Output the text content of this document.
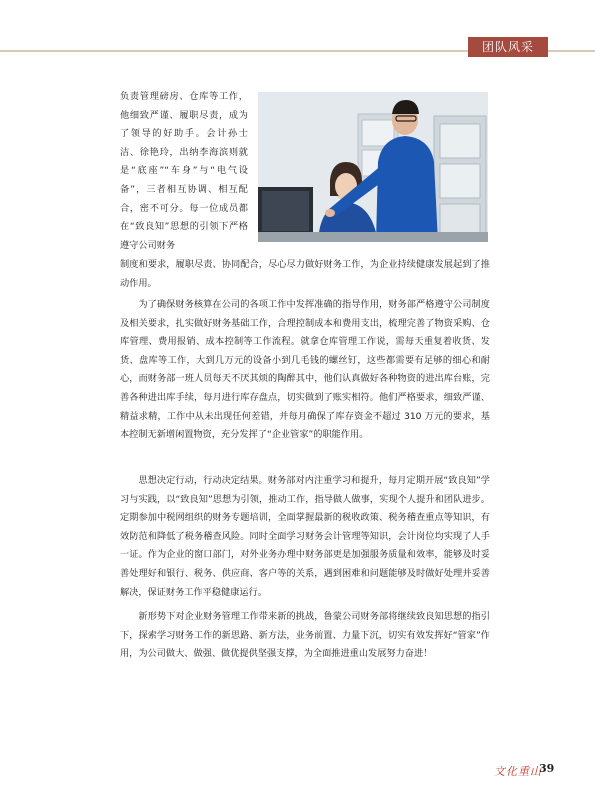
团队风采

负责管理磅房、仓库等工作，他细致严谨、履职尽责，成为了领导的好助手。会计孙士洁、徐艳玲，出纳李海滨则就是“底座”“车身”与“电气设备”，三者相互协调、相互配合，密不可分。每一位成员都在“致良知”思想的引领下严格遵守公司财务

制度和要求，履职尽责、协同配合，尽心尽力做好财务工作，为企业持续健康发展起到了推动作用。

为了确保财务核算在公司的各项工作中发挥准确的指导作用，财务部严格遵守公司制度及相关要求，扎实做好财务基础工作，合理控制成本和费用支出，梳理完善了物资采购、仓库管理、费用报销、成本控制等工作流程。就拿仓库管理工作说，需每天重复着收货、发货、盘库等工作，大到几万元的设备小到几毛钱的螺丝钉，这些都需要有足够的细心和耐心，而财务部一班人员每天不厌其烦的陶醉其中，他们认真做好各种物资的进出库台账，完善各种进出库手续，每月进行库存盘点，切实做到了账实相符。他们严格要求，细致严谨、精益求精，工作中从未出现任何差错，并每月确保了库存资金不超过 310 万元的要求，基本控制无新增闲置物资，充分发挥了“企业管家”的职能作用。

思想决定行动，行动决定结果。财务部对内注重学习和提升，每月定期开展“致良知”学习与实践，以“致良知”思想为引领，推动工作，指导做人做事，实现个人提升和团队进步。定期参加中税网组织的财务专题培训，全面掌握最新的税收政策、税务稽查重点等知识，有效防范和降低了税务稽查风险。同时全面学习财务会计管理等知识，会计岗位均实现了人手一证。作为企业的窗口部门，对外业务办理中财务部更是加强服务质量和效率，能够及时妥善处理好和银行、税务、供应商、客户等的关系，遇到困难和问题能够及时做好处理并妥善解决，保证财务工作平稳健康运行。

新形势下对企业财务管理工作带来新的挑战，鲁蒙公司财务部将继续致良知思想的指引下，探索学习财务工作的新思路、新方法，业务前置、力量下沉，切实有效发挥好“管家”作用，为公司做大、做强、做优提供坚强支撑，为全面推进重山发展努力奋进！

文化重山
39
